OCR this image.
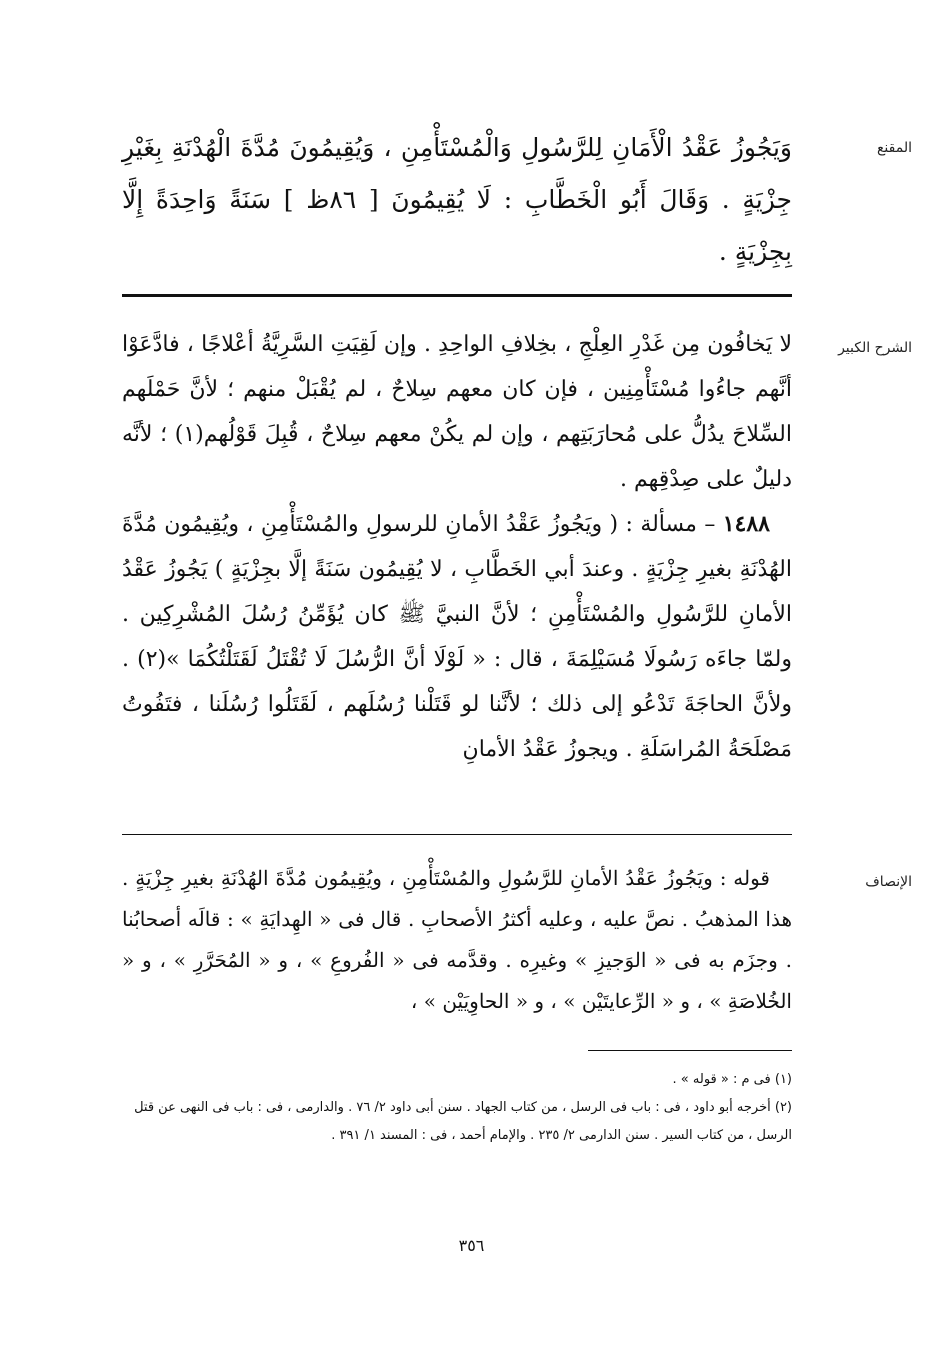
المقنع

وَيَجُوزُ عَقْدُ الْأَمَانِ لِلرَّسُولِ وَالْمُسْتَأْمِنِ ، وَيُقِيمُونَ مُدَّةَ الْهُدْنَةِ بِغَيْرِ جِزْيَةٍ . وَقَالَ أَبُو الْخَطَّابِ : لَا يُقِيمُونَ [ ٨٦ظ ] سَنَةً وَاحِدَةً إِلَّا بِجِزْيَةٍ .

الشرح الكبير

لا يَخافُون مِن غَدْرِ العِلْجِ ، بخِلافِ الواحِدِ . وإن لَقِيَتِ السَّرِيَّةُ أعْلاجًا ، فادَّعَوْا أنَّهم جاءُوا مُسْتَأْمِنِين ، فإن كان معهم سِلاحٌ ، لم يُقْبَلْ منهم ؛ لأنَّ حَمْلَهم السِّلاحَ يدُلُّ على مُحارَبَتِهم ، وإن لم يكُنْ معهم سِلاحٌ ، قُبِلَ قَوْلُهم(١) ؛ لأنَّه دليلٌ على صِدْقِهم .

١٤٨٨ – مسألة : ( ويَجُوزُ عَقْدُ الأمانِ للرسولِ والمُسْتَأْمِنِ ، ويُقِيمُون مُدَّةَ الهُدْنَةِ بغيرِ جِزْيَةٍ . وعندَ أبي الخَطَّابِ ، لا يُقِيمُون سَنَةً إلَّا بجِزْيَةٍ ) يَجُوزُ عَقْدُ الأمانِ للرَّسُولِ والمُسْتَأْمِنِ ؛ لأنَّ النبيَّ ﷺ كان يُؤَمِّنُ رُسُلَ المُشْرِكِين . ولمّا جاءَه رَسُولَا مُسَيْلِمَةَ ، قال : « لَوْلَا أنَّ الرُّسُلَ لَا تُقْتَلُ لَقَتَلْتُكُمَا »(٢) . ولأنَّ الحاجَةَ تَدْعُو إلى ذلك ؛ لأنَّنا لو قَتَلْنا رُسُلَهم ، لَقَتَلُوا رُسُلَنا ، فتَفُوتُ مَصْلَحَةُ المُراسَلَةِ . ويجوزُ عَقْدُ الأمانِ

الإنصاف

قوله : ويَجُوزُ عَقْدُ الأمانِ للرَّسُولِ والمُسْتَأْمِنِ ، ويُقِيمُون مُدَّةَ الهُدْنَةِ بغيرِ جِزْيَةٍ . هذا المذهبُ . نصَّ عليه ، وعليه أكثرُ الأصحابِ . قال فى « الهِدايَةِ » : قالَه أصحابُنا . وجزَم به فى « الوَجيزِ » وغيرِه . وقدَّمه فى « الفُروعِ » ، و « المُحَرَّرِ » ، و « الخُلاصَةِ » ، و « الرِّعايتَيْن » ، و « الحاوِيَيْن » ،

(١) فى م : « قوله » .

(٢) أخرجه أبو داود ، فى : باب فى الرسل ، من كتاب الجهاد . سنن أبى داود ٢/ ٧٦ . والدارمى ، فى : باب فى النهى عن قتل الرسل ، من كتاب السير . سنن الدارمى ٢/ ٢٣٥ . والإمام أحمد ، فى : المسند ١/ ٣٩١ .

٣٥٦
